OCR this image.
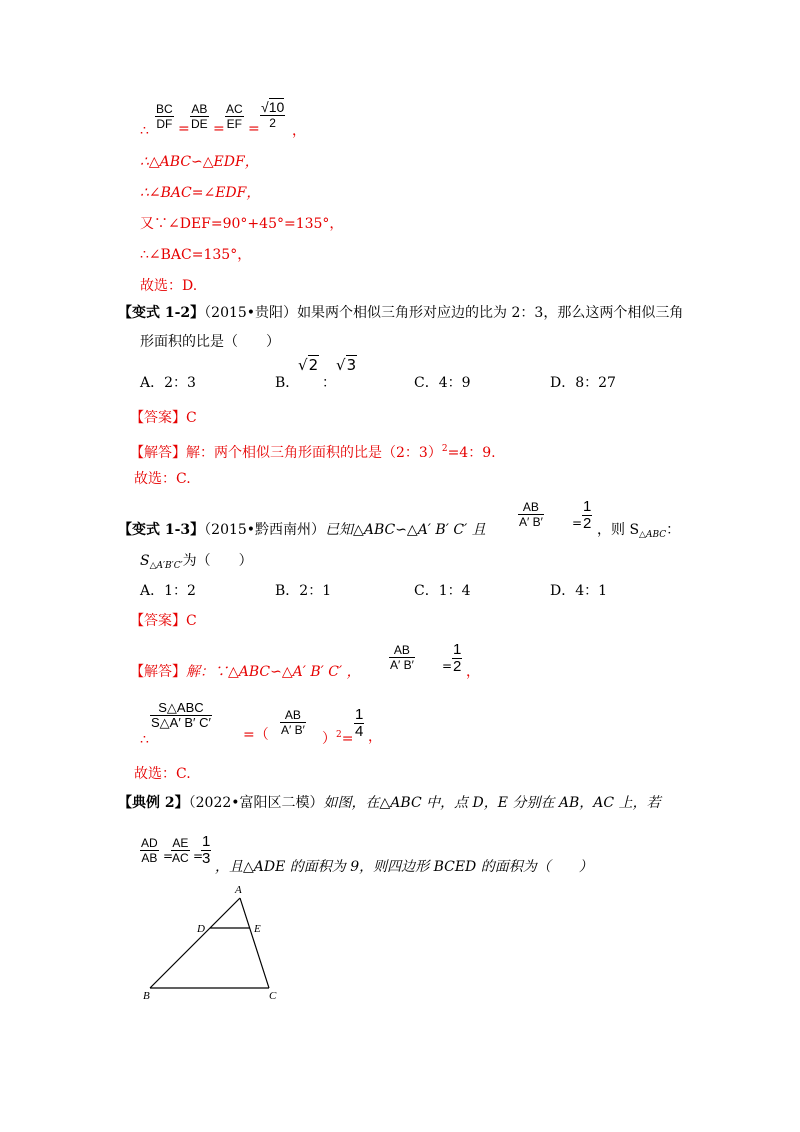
$\frac{BC}{DF} \frac{AB}{DE} \frac{AC}{EF} \frac{√10}{2}$
∴ = = = ，
∴△ABC∽△EDF，
∴∠BAC=∠EDF，
又∵∠DEF=90°+45°=135°，
∴∠BAC=135°，
故选：D.
【变式 1-2】（2015•贵阳）如果两个相似三角形对应边的比为 2：3，那么这两个相似三角
形面积的比是（　　）
A．2：3	B．
√2
：
√3
C．4：9	D．8：27
【答案】C
【解答】解：两个相似三角形面积的比是（2：3）$^2$=4：9.
故选：C.
【变式 1-3】（2015•黔西南州）已知△ABC∽△A′ B′ C′ 且
$\frac{AB}{A' B'} = \frac{1}{2}$ ，则 $S_{\triangle ABC}$：
$S_{\triangle A'B'C'}$为（　　）
A．1：2	B．2：1	C．1：4	D．4：1
【答案】C
【解答】解：∵△ABC∽△A′ B′ C′ ， $\frac{AB}{A' B'} = \frac{1}{2}$ ，
S△ABC
S△A′ B′ C′
∴	=（ $\frac{AB}{A' B'}$
）$^2= \frac{1}{4}$ ，
故选：C.
【典例 2】（2022•富阳区二模）如图，在△ABC 中，点 D，E 分别在 AB，AC 上，若
$\frac{AD}{AB}$ =
$\frac{AE}{AC}$ =
$\frac{1}{3}$ ，且△ADE 的面积为 9，则四边形 BCED 的面积为（　　）
A
D	E
B	C
